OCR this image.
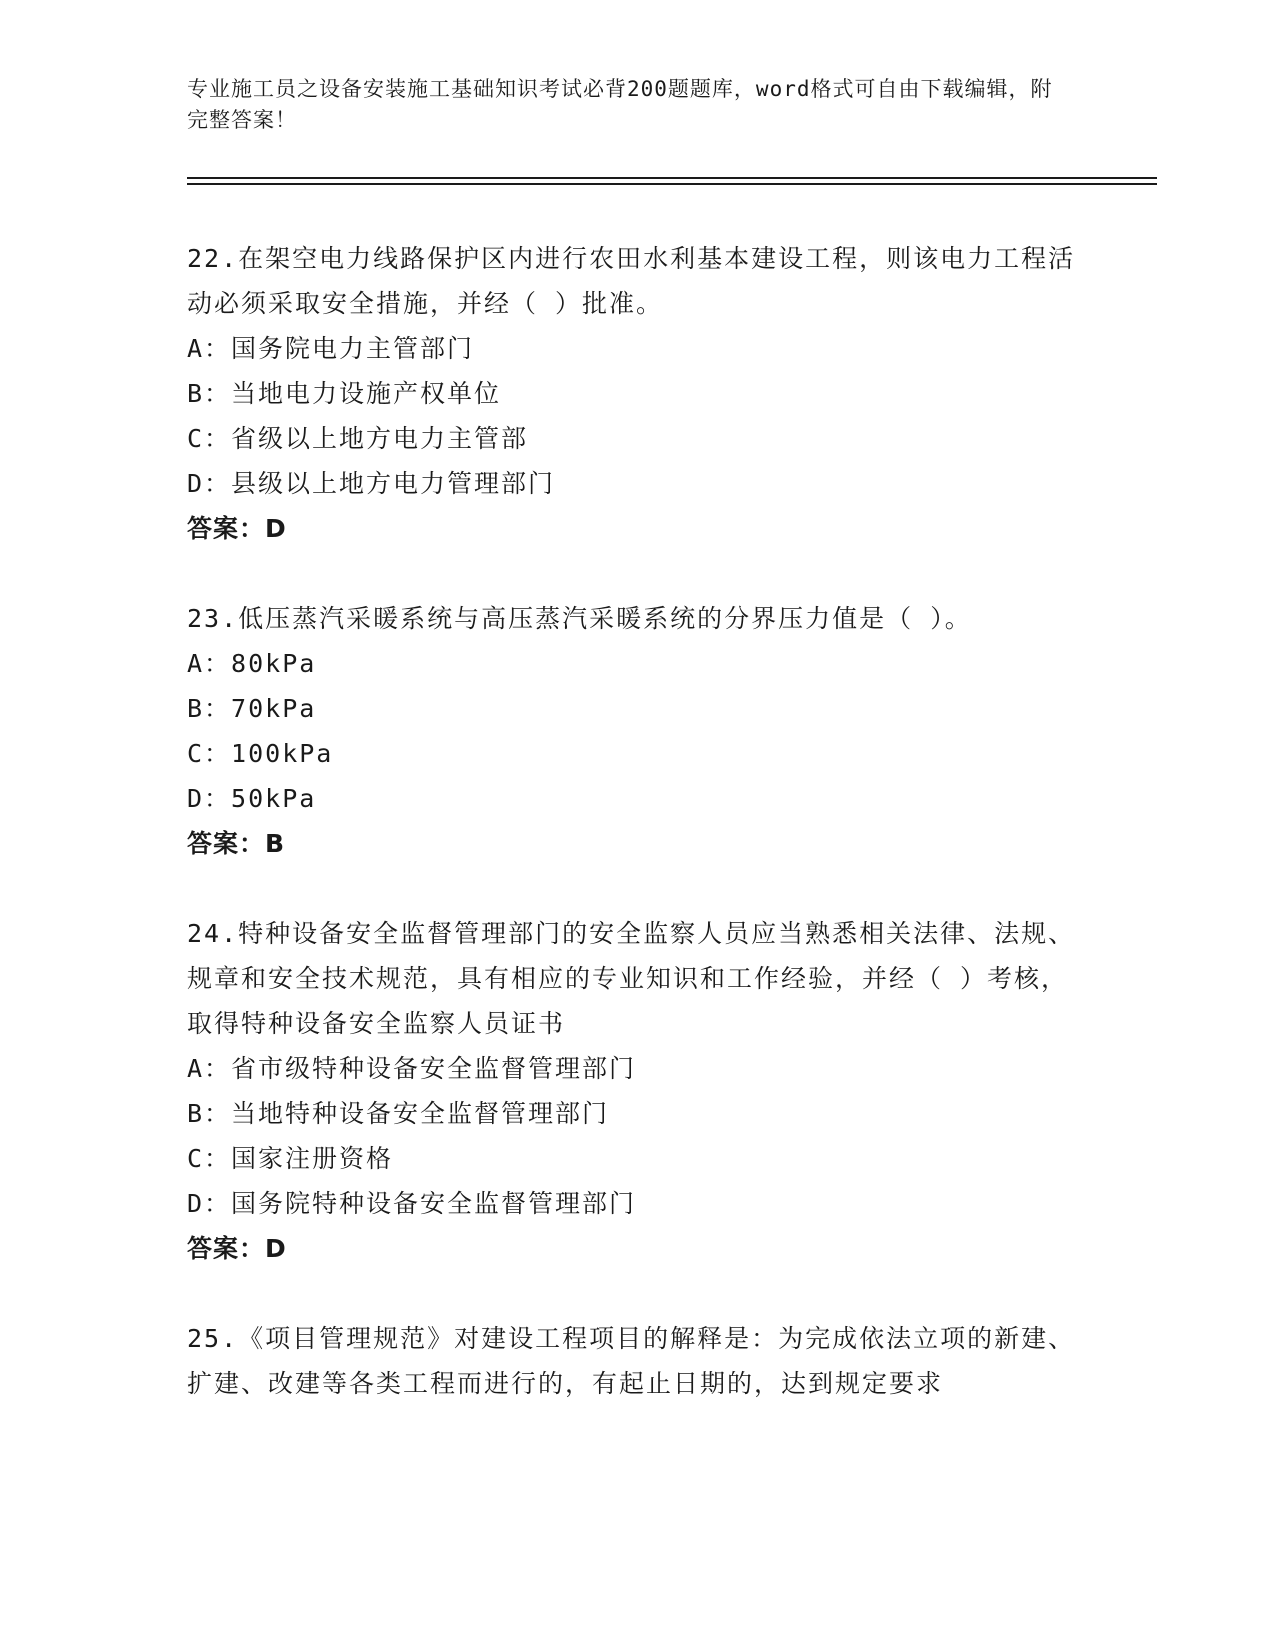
专业施工员之设备安装施工基础知识考试必背200题题库，word格式可自由下载编辑，附完整答案！

22.在架空电力线路保护区内进行农田水利基本建设工程，则该电力工程活动必须采取安全措施，并经（ ）批准。

A：国务院电力主管部门

B：当地电力设施产权单位

C：省级以上地方电力主管部

D：县级以上地方电力管理部门

答案：D

23.低压蒸汽采暖系统与高压蒸汽采暖系统的分界压力值是（ ）。

A：80kPa

B：70kPa

C：100kPa

D：50kPa

答案：B

24.特种设备安全监督管理部门的安全监察人员应当熟悉相关法律、法规、规章和安全技术规范，具有相应的专业知识和工作经验，并经（ ）考核，取得特种设备安全监察人员证书

A：省市级特种设备安全监督管理部门

B：当地特种设备安全监督管理部门

C：国家注册资格

D：国务院特种设备安全监督管理部门

答案：D

25.《项目管理规范》对建设工程项目的解释是：为完成依法立项的新建、扩建、改建等各类工程而进行的，有起止日期的，达到规定要求
